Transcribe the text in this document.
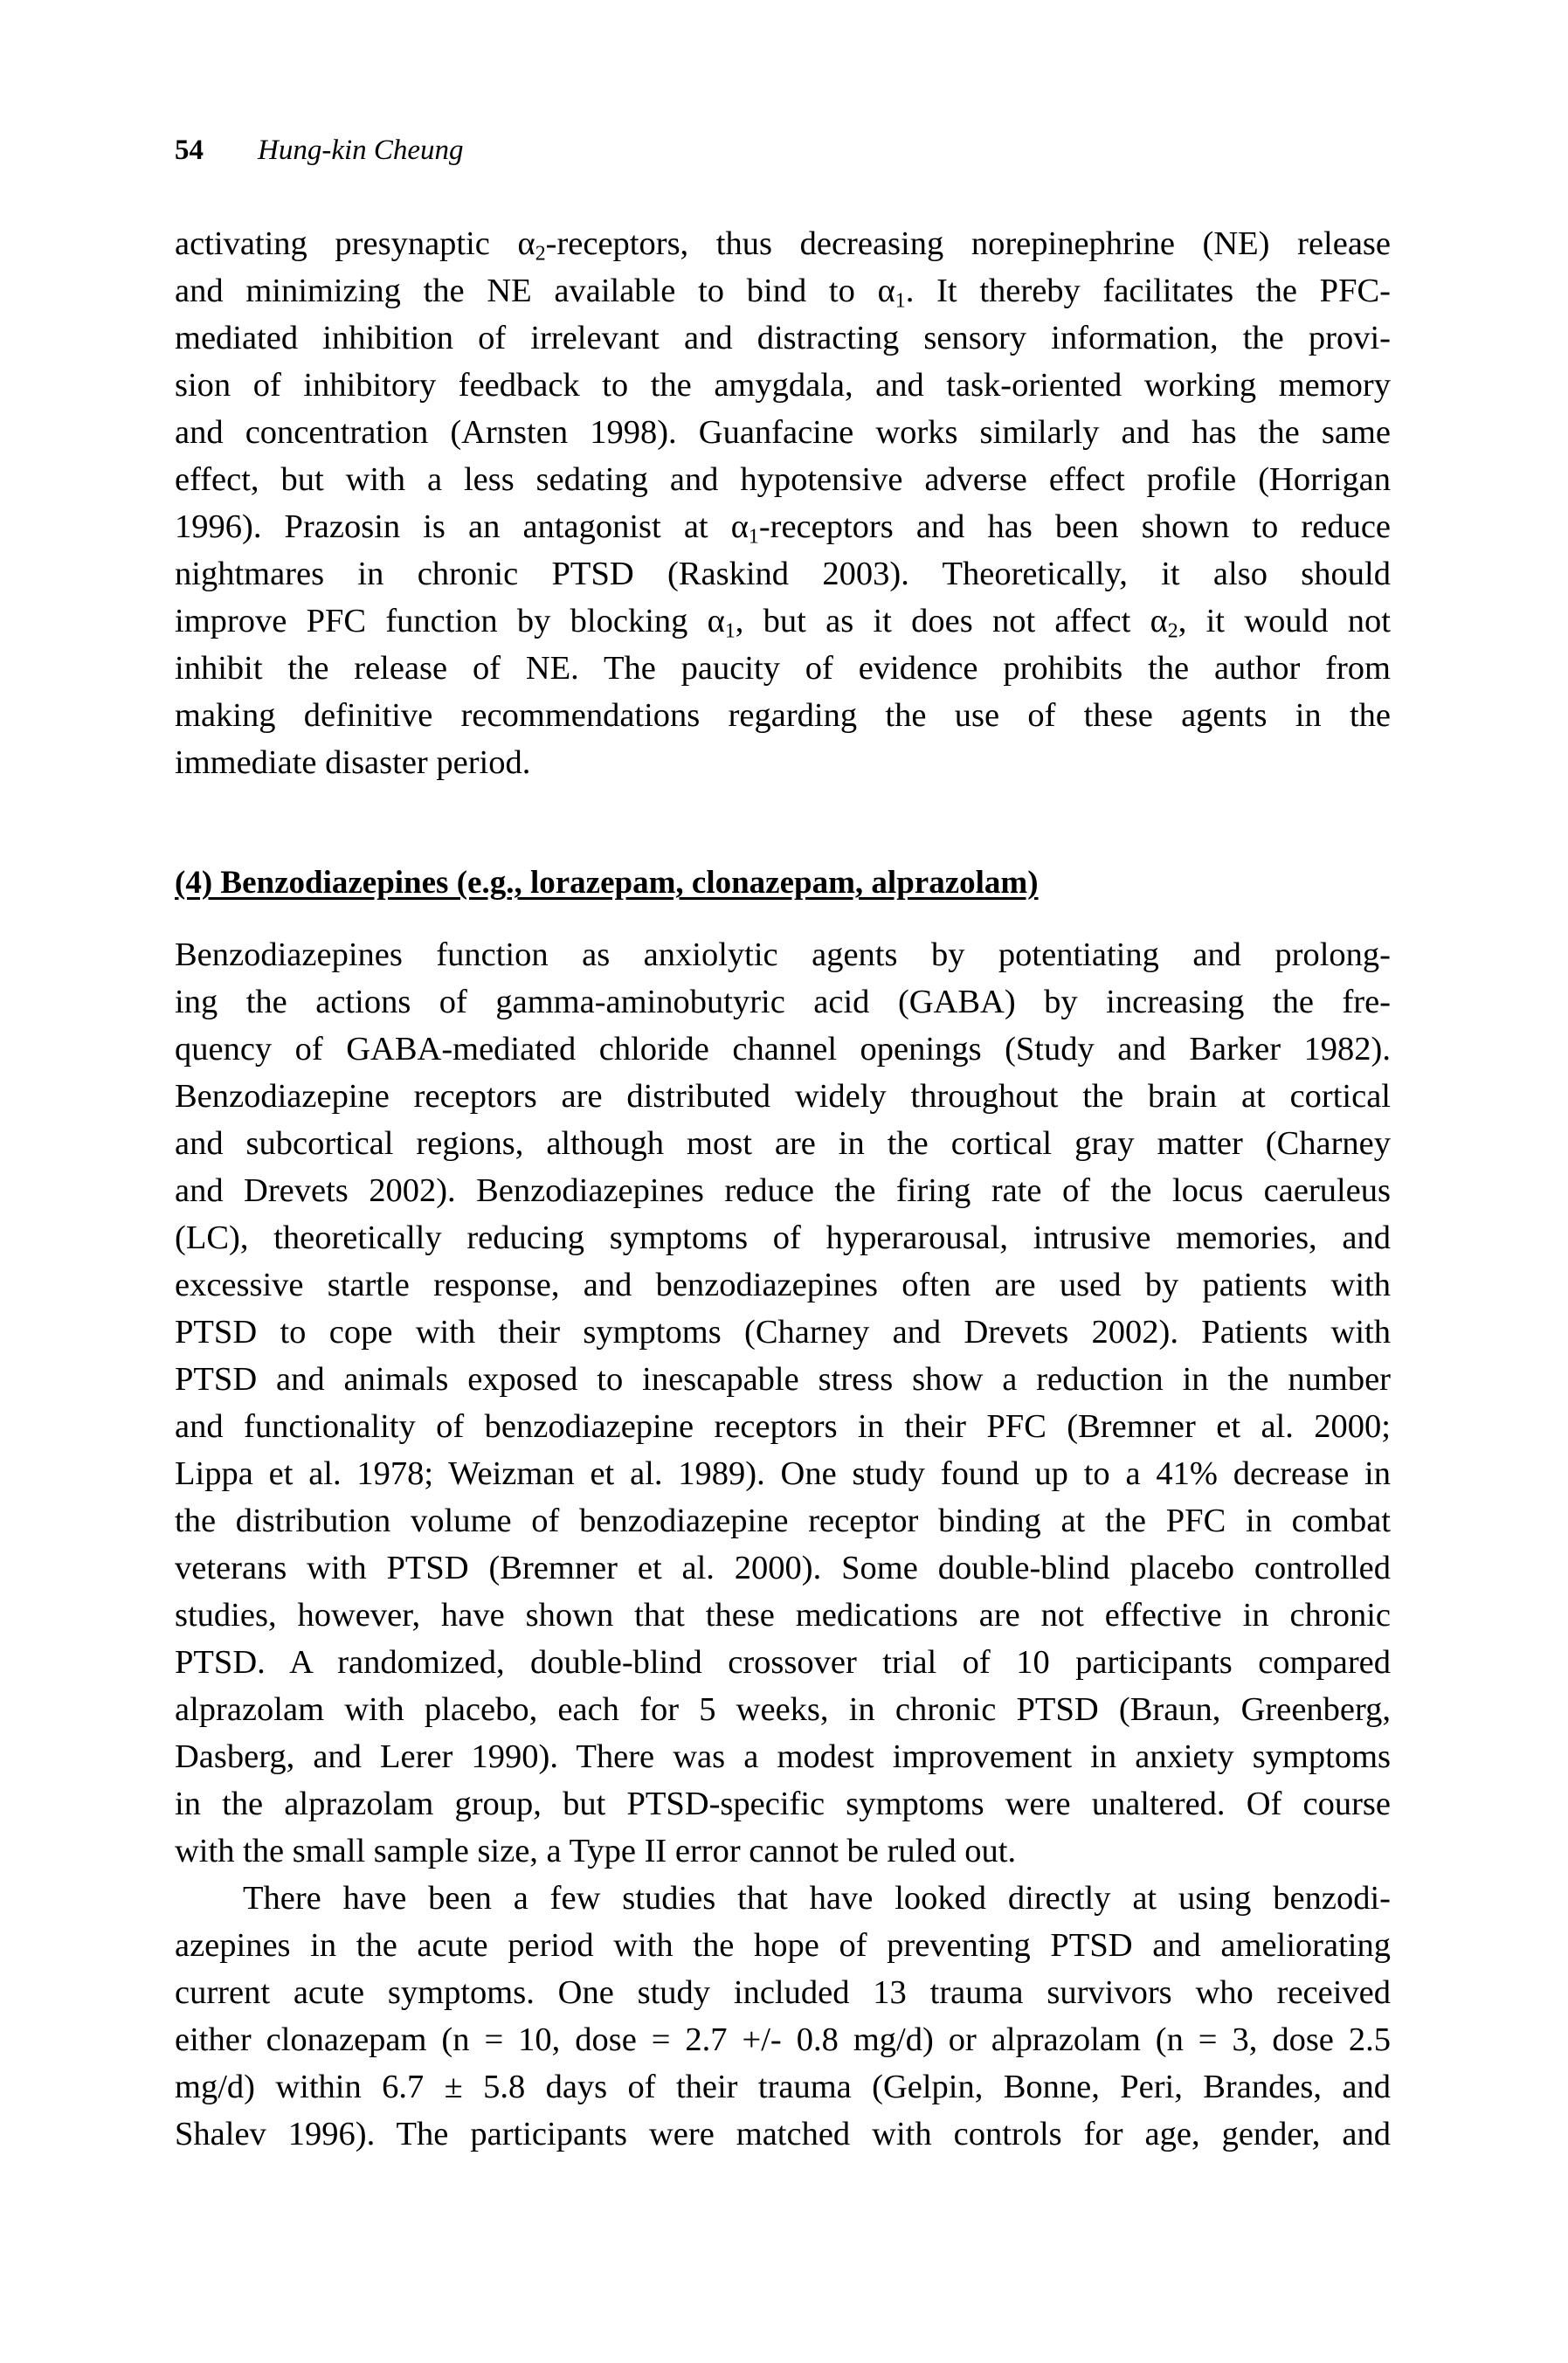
54 Hung-kin Cheung
activating presynaptic $\alpha_2$-receptors, thus decreasing norepinephrine (NE) release
and minimizing the NE available to bind to $\alpha_1$. It thereby facilitates the PFC-
mediated inhibition of irrelevant and distracting sensory information, the provi-
sion of inhibitory feedback to the amygdala, and task-oriented working memory
and concentration (Arnsten 1998). Guanfacine works similarly and has the same
effect, but with a less sedating and hypotensive adverse effect profile (Horrigan
1996). Prazosin is an antagonist at $\alpha_1$-receptors and has been shown to reduce
nightmares in chronic PTSD (Raskind 2003). Theoretically, it also should
improve PFC function by blocking $\alpha_1$, but as it does not affect $\alpha_2$, it would not
inhibit the release of NE. The paucity of evidence prohibits the author from
making definitive recommendations regarding the use of these agents in the
immediate disaster period.
(4) Benzodiazepines (e.g., lorazepam, clonazepam, alprazolam)
Benzodiazepines function as anxiolytic agents by potentiating and prolong-
ing the actions of gamma-aminobutyric acid (GABA) by increasing the fre-
quency of GABA-mediated chloride channel openings (Study and Barker 1982).
Benzodiazepine receptors are distributed widely throughout the brain at cortical
and subcortical regions, although most are in the cortical gray matter (Charney
and Drevets 2002). Benzodiazepines reduce the firing rate of the locus caeruleus
(LC), theoretically reducing symptoms of hyperarousal, intrusive memories, and
excessive startle response, and benzodiazepines often are used by patients with
PTSD to cope with their symptoms (Charney and Drevets 2002). Patients with
PTSD and animals exposed to inescapable stress show a reduction in the number
and functionality of benzodiazepine receptors in their PFC (Bremner et al. 2000;
Lippa et al. 1978; Weizman et al. 1989). One study found up to a 41% decrease in
the distribution volume of benzodiazepine receptor binding at the PFC in combat
veterans with PTSD (Bremner et al. 2000). Some double-blind placebo controlled
studies, however, have shown that these medications are not effective in chronic
PTSD. A randomized, double-blind crossover trial of 10 participants compared
alprazolam with placebo, each for 5 weeks, in chronic PTSD (Braun, Greenberg,
Dasberg, and Lerer 1990). There was a modest improvement in anxiety symptoms
in the alprazolam group, but PTSD-specific symptoms were unaltered. Of course
with the small sample size, a Type II error cannot be ruled out.
There have been a few studies that have looked directly at using benzodi-
azepines in the acute period with the hope of preventing PTSD and ameliorating
current acute symptoms. One study included 13 trauma survivors who received
either clonazepam (n = 10, dose = 2.7 +/- 0.8 mg/d) or alprazolam (n = 3, dose 2.5
mg/d) within 6.7 ± 5.8 days of their trauma (Gelpin, Bonne, Peri, Brandes, and
Shalev 1996). The participants were matched with controls for age, gender, and
